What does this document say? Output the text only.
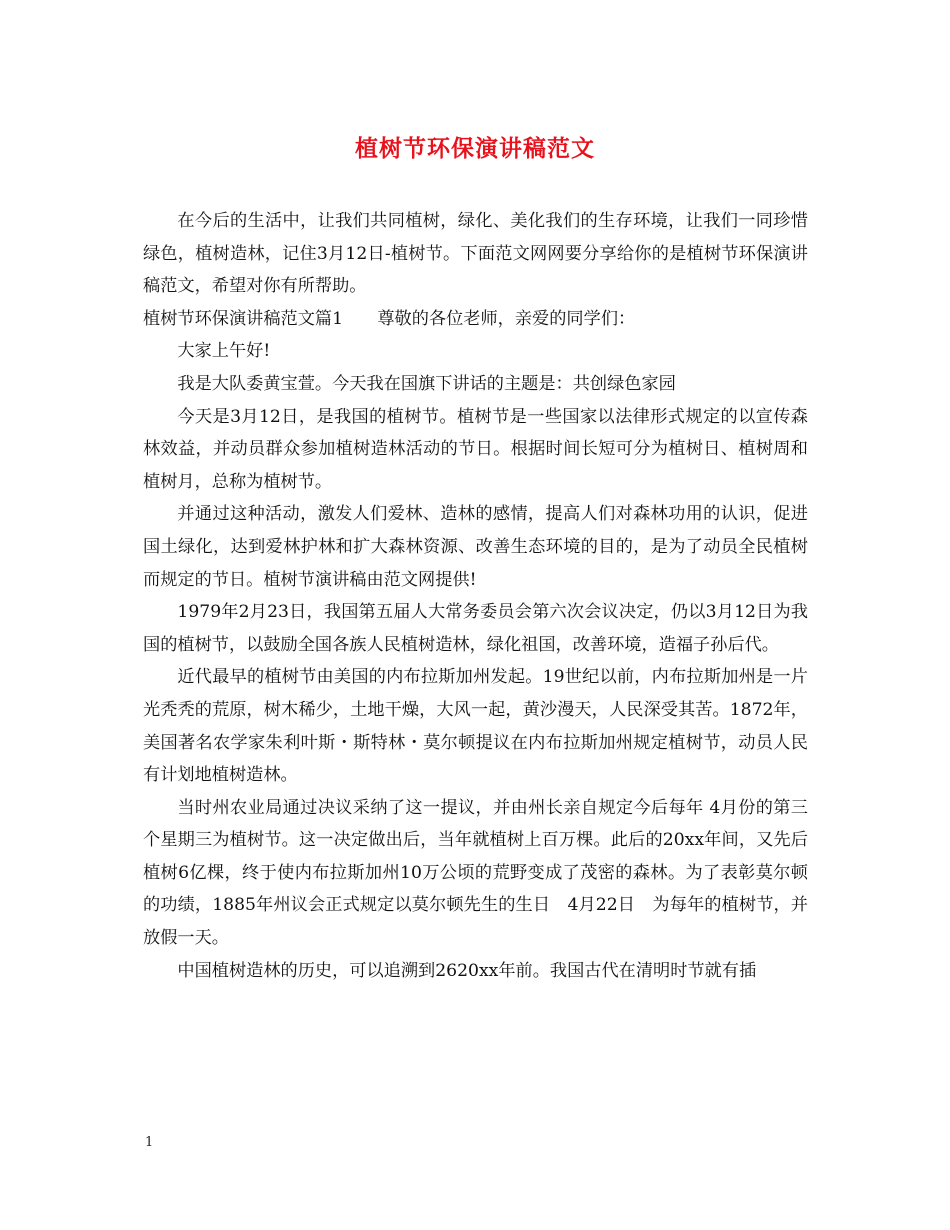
植树节环保演讲稿范文

在今后的生活中，让我们共同植树，绿化、美化我们的生存环境，让我们一同珍惜绿色，植树造林，记住3月12日-植树节。下面范文网网要分享给你的是植树节环保演讲稿范文，希望对你有所帮助。

植树节环保演讲稿范文篇1　　尊敬的各位老师，亲爱的同学们：

大家上午好!

我是大队委黄宝萱。今天我在国旗下讲话的主题是：共创绿色家园

今天是3月12日，是我国的植树节。植树节是一些国家以法律形式规定的以宣传森林效益，并动员群众参加植树造林活动的节日。根据时间长短可分为植树日、植树周和植树月，总称为植树节。

并通过这种活动，激发人们爱林、造林的感情，提高人们对森林功用的认识，促进国土绿化，达到爱林护林和扩大森林资源、改善生态环境的目的，是为了动员全民植树而规定的节日。植树节演讲稿由范文网提供!

1979年2月23日，我国第五届人大常务委员会第六次会议决定，仍以3月12日为我国的植树节，以鼓励全国各族人民植树造林，绿化祖国，改善环境，造福子孙后代。

近代最早的植树节由美国的内布拉斯加州发起。19世纪以前，内布拉斯加州是一片光秃秃的荒原，树木稀少，土地干燥，大风一起，黄沙漫天，人民深受其苦。1872年，美国著名农学家朱利叶斯・斯特林・莫尔顿提议在内布拉斯加州规定植树节，动员人民有计划地植树造林。

当时州农业局通过决议采纳了这一提议，并由州长亲自规定今后每年 4月份的第三个星期三为植树节。这一决定做出后，当年就植树上百万棵。此后的20xx年间，又先后植树6亿棵，终于使内布拉斯加州10万公顷的荒野变成了茂密的森林。为了表彰莫尔顿的功绩，1885年州议会正式规定以莫尔顿先生的生日　4月22日　为每年的植树节，并放假一天。

中国植树造林的历史，可以追溯到2620xx年前。我国古代在清明时节就有插

1
